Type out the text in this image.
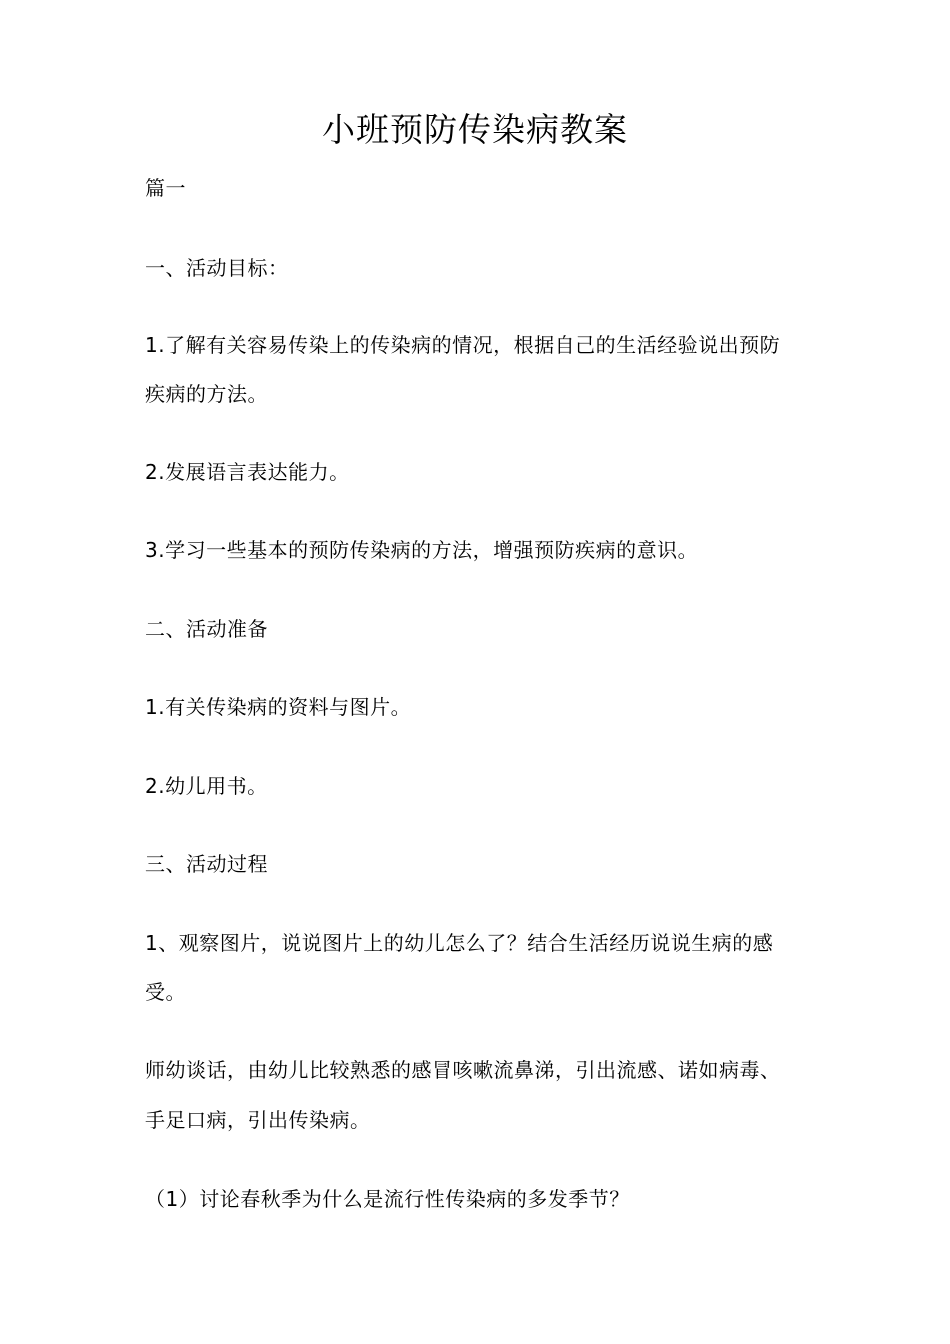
小班预防传染病教案
篇一
一、活动目标：
1.了解有关容易传染上的传染病的情况，根据自己的生活经验说出预防
疾病的方法。
2.发展语言表达能力。
3.学习一些基本的预防传染病的方法，增强预防疾病的意识。
二、活动准备
1.有关传染病的资料与图片。
2.幼儿用书。
三、活动过程
1、观察图片，说说图片上的幼儿怎么了？结合生活经历说说生病的感
受。
师幼谈话，由幼儿比较熟悉的感冒咳嗽流鼻涕，引出流感、诺如病毒、
手足口病，引出传染病。
（1）讨论春秋季为什么是流行性传染病的多发季节？
